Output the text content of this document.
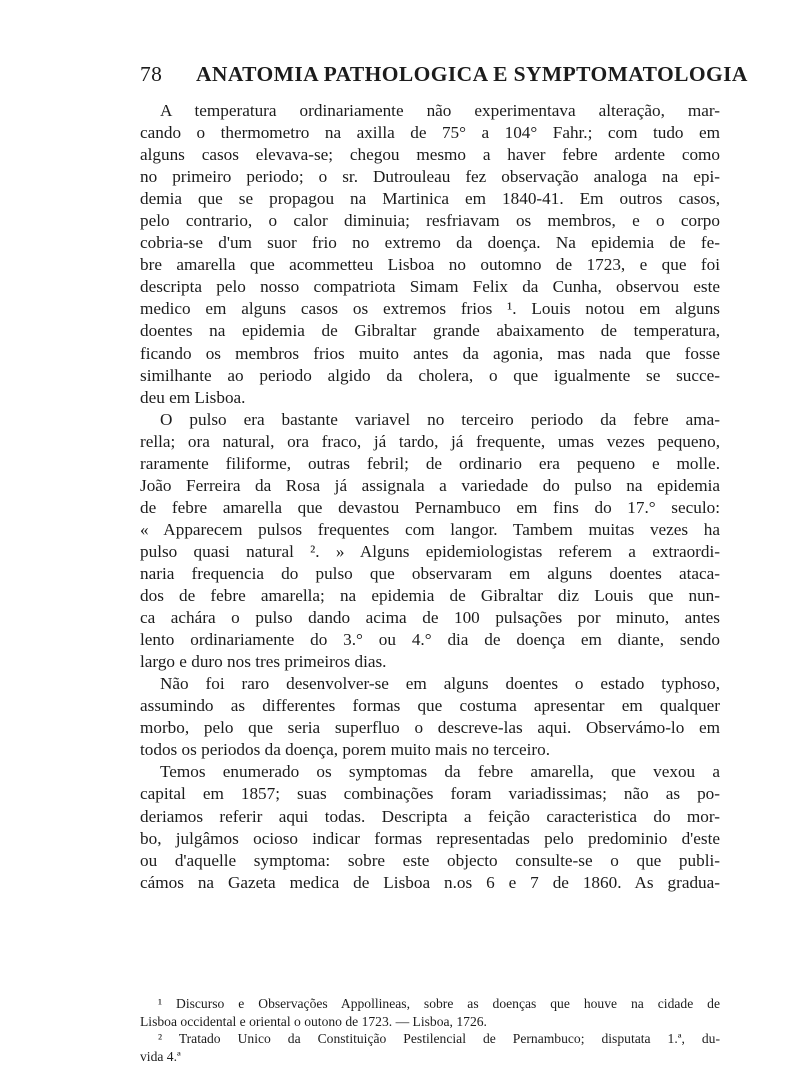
78 ANATOMIA PATHOLOGICA E SYMPTOMATOLOGIA
A temperatura ordinariamente não experimentava alteração, mar-
cando o thermometro na axilla de 75° a 104° Fahr.; com tudo em
alguns casos elevava-se; chegou mesmo a haver febre ardente como
no primeiro periodo; o sr. Dutrouleau fez observação analoga na epi-
demia que se propagou na Martinica em 1840-41. Em outros casos,
pelo contrario, o calor diminuia; resfriavam os membros, e o corpo
cobria-se d'um suor frio no extremo da doença. Na epidemia de fe-
bre amarella que acommetteu Lisboa no outomno de 1723, e que foi
descripta pelo nosso compatriota Simam Felix da Cunha, observou este
medico em alguns casos os extremos frios ¹. Louis notou em alguns
doentes na epidemia de Gibraltar grande abaixamento de temperatura,
ficando os membros frios muito antes da agonia, mas nada que fosse
similhante ao periodo algido da cholera, o que igualmente se succe-
deu em Lisboa.
O pulso era bastante variavel no terceiro periodo da febre ama-
rella; ora natural, ora fraco, já tardo, já frequente, umas vezes pequeno,
raramente filiforme, outras febril; de ordinario era pequeno e molle.
João Ferreira da Rosa já assignala a variedade do pulso na epidemia
de febre amarella que devastou Pernambuco em fins do 17.° seculo:
« Apparecem pulsos frequentes com langor. Tambem muitas vezes ha
pulso quasi natural ². » Alguns epidemiologistas referem a extraordi-
naria frequencia do pulso que observaram em alguns doentes ataca-
dos de febre amarella; na epidemia de Gibraltar diz Louis que nun-
ca achára o pulso dando acima de 100 pulsações por minuto, antes
lento ordinariamente do 3.° ou 4.° dia de doença em diante, sendo
largo e duro nos tres primeiros dias.
Não foi raro desenvolver-se em alguns doentes o estado typhoso,
assumindo as differentes formas que costuma apresentar em qualquer
morbo, pelo que seria superfluo o descreve-las aqui. Observámo-lo em
todos os periodos da doença, porem muito mais no terceiro.
Temos enumerado os symptomas da febre amarella, que vexou a
capital em 1857; suas combinações foram variadissimas; não as po-
deriamos referir aqui todas. Descripta a feição caracteristica do mor-
bo, julgâmos ocioso indicar formas representadas pelo predominio d'este
ou d'aquelle symptoma: sobre este objecto consulte-se o que publi-
cámos na Gazeta medica de Lisboa n.os 6 e 7 de 1860. As gradua-
¹ Discurso e Observações Appollineas, sobre as doenças que houve na cidade de
Lisboa occidental e oriental o outono de 1723. — Lisboa, 1726.
² Tratado Unico da Constituição Pestilencial de Pernambuco; disputata 1.ª, du-
vida 4.ª
